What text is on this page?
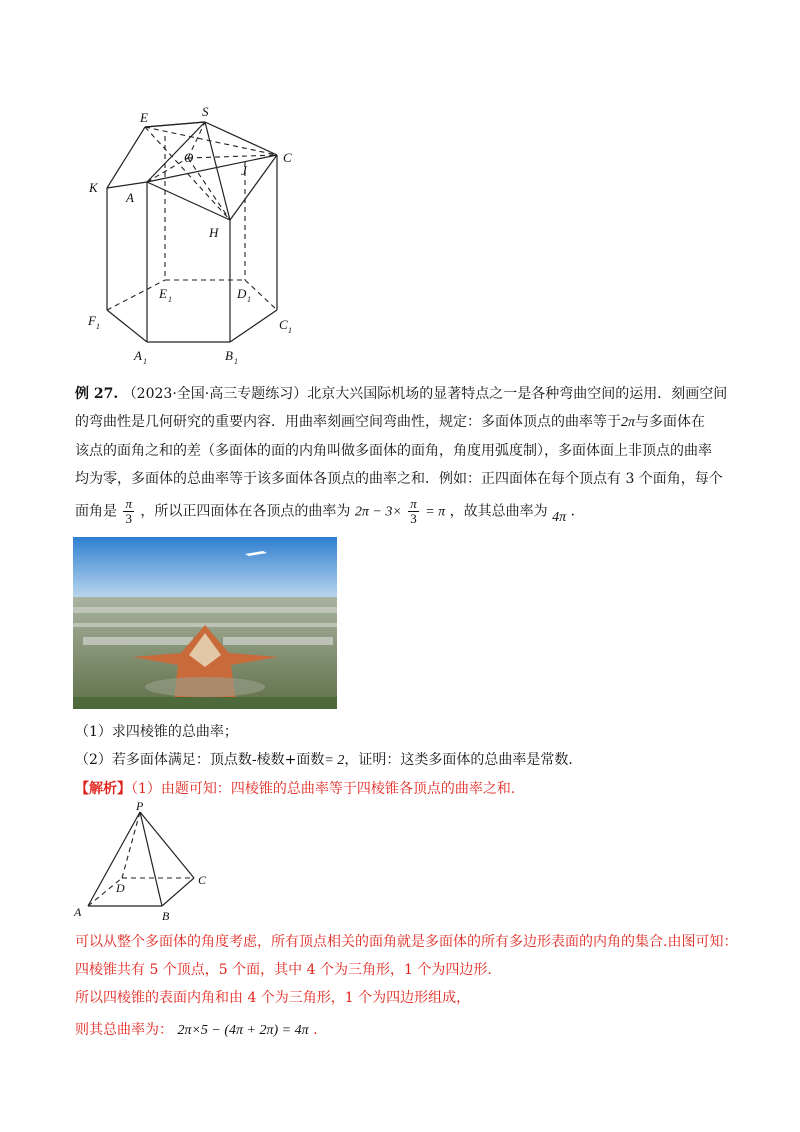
E	S
O	C
J
K
A
H
E 1	D 1
F 1	C 1
A 1	B 1
例 27. （2023·全国·高三专题练习）北京大兴国际机场的显著特点之一是各种弯曲空间的运用．刻画空间
的弯曲性是几何研究的重要内容．用曲率刻画空间弯曲性，规定：多面体顶点的曲率等于2π与多面体在
该点的面角之和的差（多面体的面的内角叫做多面体的面角，角度用弧度制），多面体面上非顶点的曲率
均为零，多面体的总曲率等于该多面体各顶点的曲率之和．例如：正四面体在每个顶点有 3 个面角，每个
面角是 $\frac{\pi}{3}$ ，所以正四面体在各顶点的曲率为 $2\pi - 3\times \frac{\pi}{3} = \pi$ ，故其总曲率为 4π ．
（1）求四棱锥的总曲率；
（2）若多面体满足：顶点数-棱数+面数= 2，证明：这类多面体的总曲率是常数．
【解析】（1）由题可知：四棱锥的总曲率等于四棱锥各顶点的曲率之和.
P
D
C
A	B
可以从整个多面体的角度考虑，所有顶点相关的面角就是多面体的所有多边形表面的内角的集合.由图可知：
四棱锥共有 5 个顶点，5 个面，其中 4 个为三角形，1 个为四边形.
所以四棱锥的表面内角和由 4 个为三角形，1 个为四边形组成，
则其总曲率为： 2π×5 − (4π + 2π) = 4π .
